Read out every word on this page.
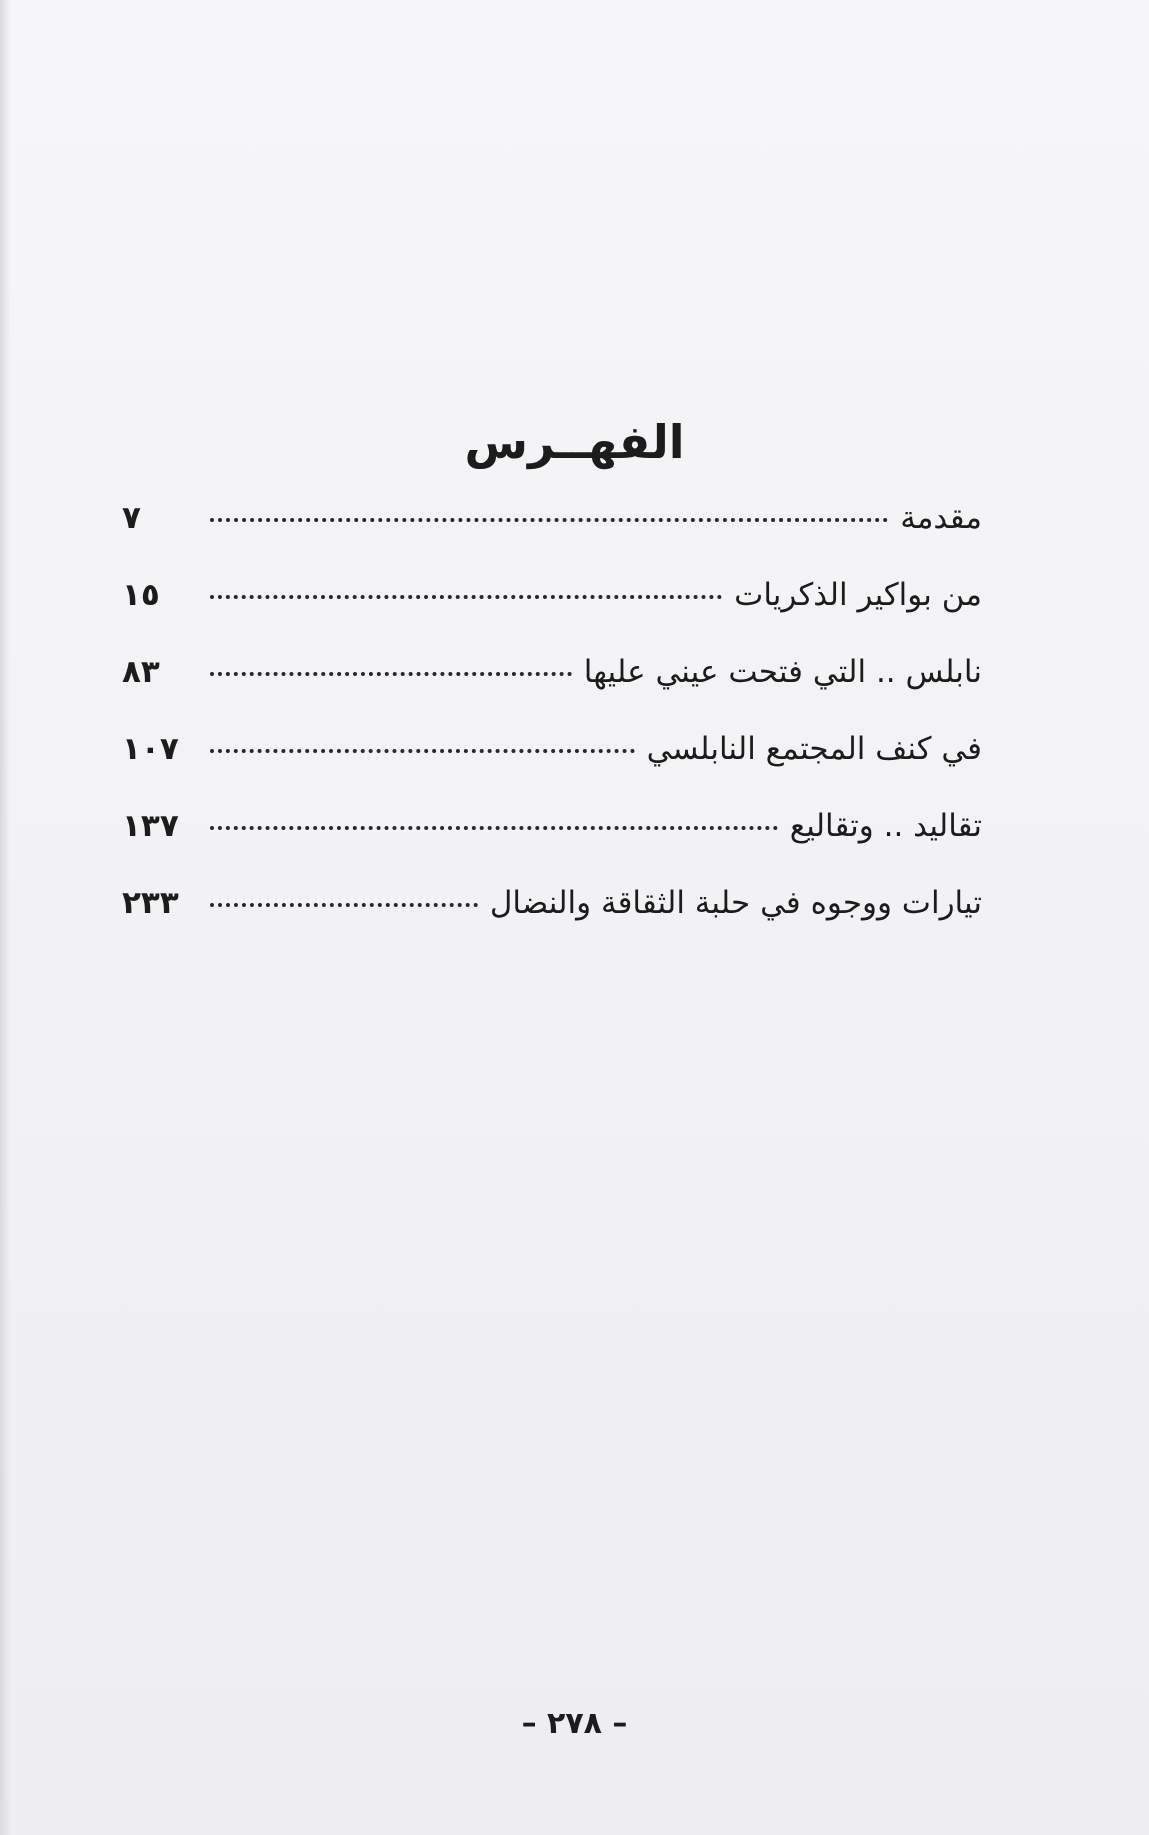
الفهــرس
مقدمة
٧
من بواكير الذكريات
١٥
نابلس .. التي فتحت عيني عليها
٨٣
في كنف المجتمع النابلسي
١٠٧
تقاليد .. وتقاليع
١٣٧
تيارات ووجوه في حلبة الثقاقة والنضال
٢٣٣
– ٢٧٨ –
